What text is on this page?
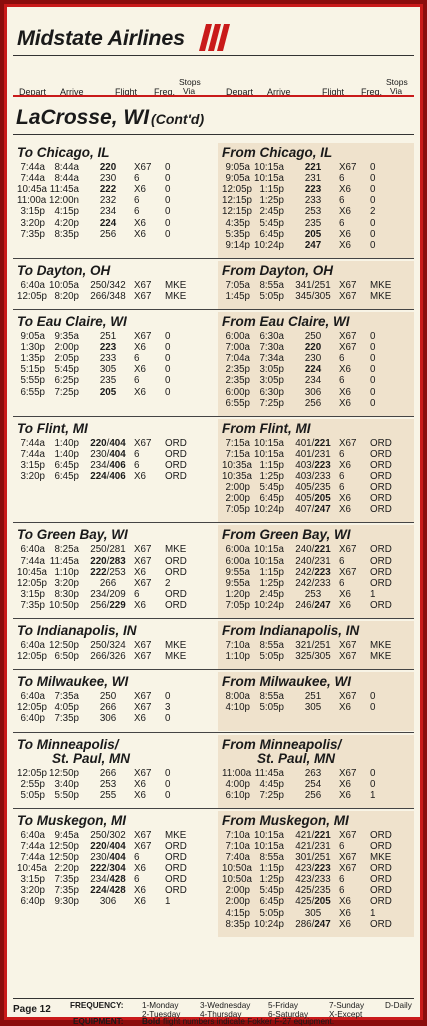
Midstate Airlines
Depart Arrive	Flight Freq.
Stops
Via	Depart Arrive	Flight Freq.
Stops
Via
LaCrosse, WI (Cont'd)
To Chicago, IL
7:44a 8:44a	220	X67	0
7:44a 8:44a	230	6	0
10:45a 11:45a	222	X6	0
11:00a 12:00n	232	6	0
3:15p 4:15p	234	6	0
3:20p 4:20p	224	X6	0
7:35p 8:35p	256	X6	0
From Chicago, IL
9:05a 10:15a	221	X67	0
9:05a 10:15a	231	6	0
12:05p 1:15p	223	X6	0
12:15p 1:25p	233	6	0
12:15p 2:45p	253	X6	2
4:35p 5:45p	235	6	0
5:35p 6:45p	205	X6	0
9:14p 10:24p	247	X6	0
To Dayton, OH
6:40a 10:05a	250/342 X67	MKE
12:05p 8:20p	266/348 X67	MKE
From Dayton, OH
7:05a 8:55a	341/251 X67	MKE
1:45p 5:05p	345/305 X67	MKE
To Eau Claire, WI
9:05a 9:35a	251	X67	0
1:30p 2:00p	223	X6	0
1:35p 2:05p	233	6	0
5:15p 5:45p	305	X6	0
5:55p 6:25p	235	6	0
6:55p 7:25p	205	X6	0
From Eau Claire, WI
6:00a 6:30a	250	X67	0
7:00a 7:30a	220	X67	0
7:04a 7:34a	230	6	0
2:35p 3:05p	224	X6	0
2:35p 3:05p	234	6	0
6:00p 6:30p	306	X6	0
6:55p 7:25p	256	X6	0
To Flint, MI
7:44a 1:40p	220/404 X67	ORD
7:44a 1:40p	230/404 6	ORD
3:15p 6:45p	234/406 6	ORD
3:20p 6:45p	224/406 X6	ORD
From Flint, MI
7:15a 10:15a	401/221 X67	ORD
7:15a 10:15a	401/231 6	ORD
10:35a 1:15p	403/223 X6	ORD
10:35a 1:25p	403/233 6	ORD
2:00p 5:45p	405/235 6	ORD
2:00p 6:45p	405/205 X6	ORD
7:05p 10:24p	407/247 X6	ORD
To Green Bay, WI
6:40a 8:25a	250/281 X67	MKE
7:44a 11:45a	220/283 X67	ORD
10:45a 1:10p	222/253 X6	ORD
12:05p 3:20p	266	X67	2
3:15p 8:30p	234/209 6	ORD
7:35p 10:50p	256/229 X6	ORD
From Green Bay, WI
6:00a 10:15a	240/221 X67	ORD
6:00a 10:15a	240/231 6	ORD
9:55a 1:15p	242/223 X67	ORD
9:55a 1:25p	242/233 6	ORD
1:20p 2:45p	253	X6	1
7:05p 10:24p	246/247 X6	ORD
To Indianapolis, IN
6:40a 12:50p	250/324 X67	MKE
12:05p 6:50p	266/326 X67	MKE
From Indianapolis, IN
7:10a 8:55a	321/251 X67	MKE
1:10p 5:05p	325/305 X67	MKE
To Milwaukee, WI
6:40a 7:35a	250	X67	0
12:05p 4:05p	266	X67	3
6:40p 7:35p	306	X6	0
From Milwaukee, WI
8:00a 8:55a	251	X67	0
4:10p 5:05p	305	X6	0
To Minneapolis/
St. Paul, MN
12:05p 12:50p	266	X67	0
2:55p 3:40p	253	X6	0
5:05p 5:50p	255	X6	0
From Minneapolis/
St. Paul, MN
11:00a 11:45a	263	X67	0
4:00p 4:45p	254	X6	0
6:10p 7:25p	256	X6	1
To Muskegon, MI
6:40a 9:45a	250/302 X67	MKE
7:44a 12:50p	220/404 X67	ORD
7:44a 12:50p	230/404 6	ORD
10:45a 2:20p	222/304 X6	ORD
3:15p 7:35p	234/428 6	ORD
3:20p 7:35p	224/428 X6	ORD
6:40p 9:30p	306	X6	1
From Muskegon, MI
7:10a 10:15a	421/221 X67	ORD
7:10a 10:15a	421/231 6	ORD
7:40a 8:55a	301/251 X67	MKE
10:50a 1:15p	423/223 X67	ORD
10:50a 1:25p	423/233 6	ORD
2:00p 5:45p	425/235 6	ORD
2:00p 6:45p	425/205 X6	ORD
4:15p 5:05p	305	X6	1
8:35p 10:24p	286/247 X6	ORD
Page 12 FREQUENCY: 1-Monday
2-Tuesday
3-Wednesday
4-Thursday
5-Friday
6-Saturday
7-Sunday
X-Except
D-Daily
EQUIPMENT: Bold flight numbers indicate Fokker F-27 equipment.
